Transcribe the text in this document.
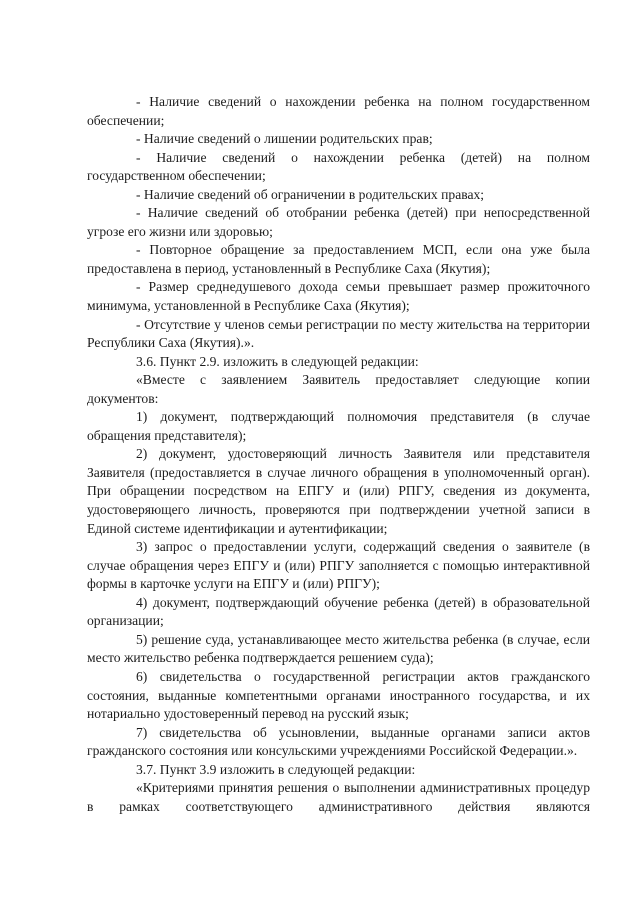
- Наличие сведений о нахождении ребенка на полном государственном обеспечении;

- Наличие сведений о лишении родительских прав;

- Наличие сведений о нахождении ребенка (детей) на полном государственном обеспечении;

- Наличие сведений об ограничении в родительских правах;

- Наличие сведений об отобрании ребенка (детей) при непосредственной угрозе его жизни или здоровью;

- Повторное обращение за предоставлением МСП, если она уже была предоставлена в период, установленный в Республике Саха (Якутия);

- Размер среднедушевого дохода семьи превышает размер прожиточного минимума, установленной в Республике Саха (Якутия);

- Отсутствие у членов семьи регистрации по месту жительства на территории Республики Саха (Якутия).».

3.6. Пункт 2.9. изложить в следующей редакции:

«Вместе с заявлением Заявитель предоставляет следующие копии документов:

1) документ, подтверждающий полномочия представителя (в случае обращения представителя);

2) документ, удостоверяющий личность Заявителя или представителя Заявителя (предоставляется в случае личного обращения в уполномоченный орган). При обращении посредством на ЕПГУ и (или) РПГУ, сведения из документа, удостоверяющего личность, проверяются при подтверждении учетной записи в Единой системе идентификации и аутентификации;

3) запрос о предоставлении услуги, содержащий сведения о заявителе (в случае обращения через ЕПГУ и (или) РПГУ заполняется с помощью интерактивной формы в карточке услуги на ЕПГУ и (или) РПГУ);

4) документ, подтверждающий обучение ребенка (детей) в образовательной организации;

5) решение суда, устанавливающее место жительства ребенка (в случае, если место жительство ребенка подтверждается решением суда);

6) свидетельства о государственной регистрации актов гражданского состояния, выданные компетентными органами иностранного государства, и их нотариально удостоверенный перевод на русский язык;

7) свидетельства об усыновлении, выданные органами записи актов гражданского состояния или консульскими учреждениями Российской Федерации.».

3.7. Пункт 3.9 изложить в следующей редакции:

«Критериями принятия решения о выполнении административных процедур в рамках соответствующего административного действия являются
